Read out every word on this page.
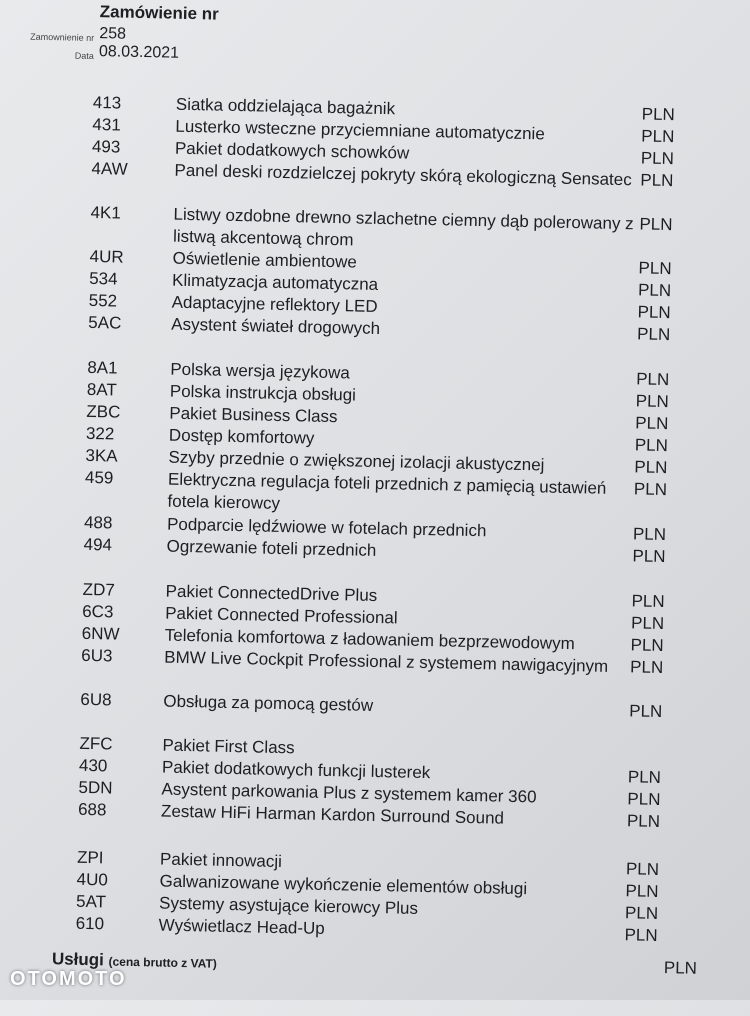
Zamówienie nr
Zamownienie nr 258
Data 08.03.2021
413	Siatka oddzielająca bagażnik	PLN
431	Lusterko wsteczne przyciemniane automatycznie	PLN
493	Pakiet dodatkowych schowków	PLN
4AW	Panel deski rozdzielczej pokryty skórą ekologiczną Sensatec PLN
4K1	Listwy ozdobne drewno szlachetne ciemny dąb polerowany z listwą akcentową chrom
PLN
4UR	Oświetlenie ambientowe	PLN
534	Klimatyzacja automatyczna	PLN
552	Adaptacyjne reflektory LED	PLN
5AC	Asystent świateł drogowych	PLN
8A1	Polska wersja językowa	PLN
8AT	Polska instrukcja obsługi	PLN
ZBC	Pakiet Business Class	PLN
322	Dostęp komfortowy	PLN
3KA	Szyby przednie o zwiększonej izolacji akustycznej	PLN
459	Elektryczna regulacja foteli przednich z pamięcią ustawień fotela kierowcy
PLN
488	Podparcie lędźwiowe w fotelach przednich	PLN
494	Ogrzewanie foteli przednich	PLN
ZD7	Pakiet ConnectedDrive Plus	PLN
6C3	Pakiet Connected Professional	PLN
6NW	Telefonia komfortowa z ładowaniem bezprzewodowym	PLN
6U3	BMW Live Cockpit Professional z systemem nawigacyjnym	PLN
6U8	Obsługa za pomocą gestów	PLN
ZFC	Pakiet First Class
430	Pakiet dodatkowych funkcji lusterek	PLN
5DN	Asystent parkowania Plus z systemem kamer 360	PLN
688	Zestaw HiFi Harman Kardon Surround Sound	PLN
ZPI	Pakiet innowacji	PLN
4U0	Galwanizowane wykończenie elementów obsługi	PLN
5AT	Systemy asystujące kierowcy Plus	PLN
610	Wyświetlacz Head-Up	PLN
PLN
Usługi (cena brutto z VAT)
OTOMOTO
